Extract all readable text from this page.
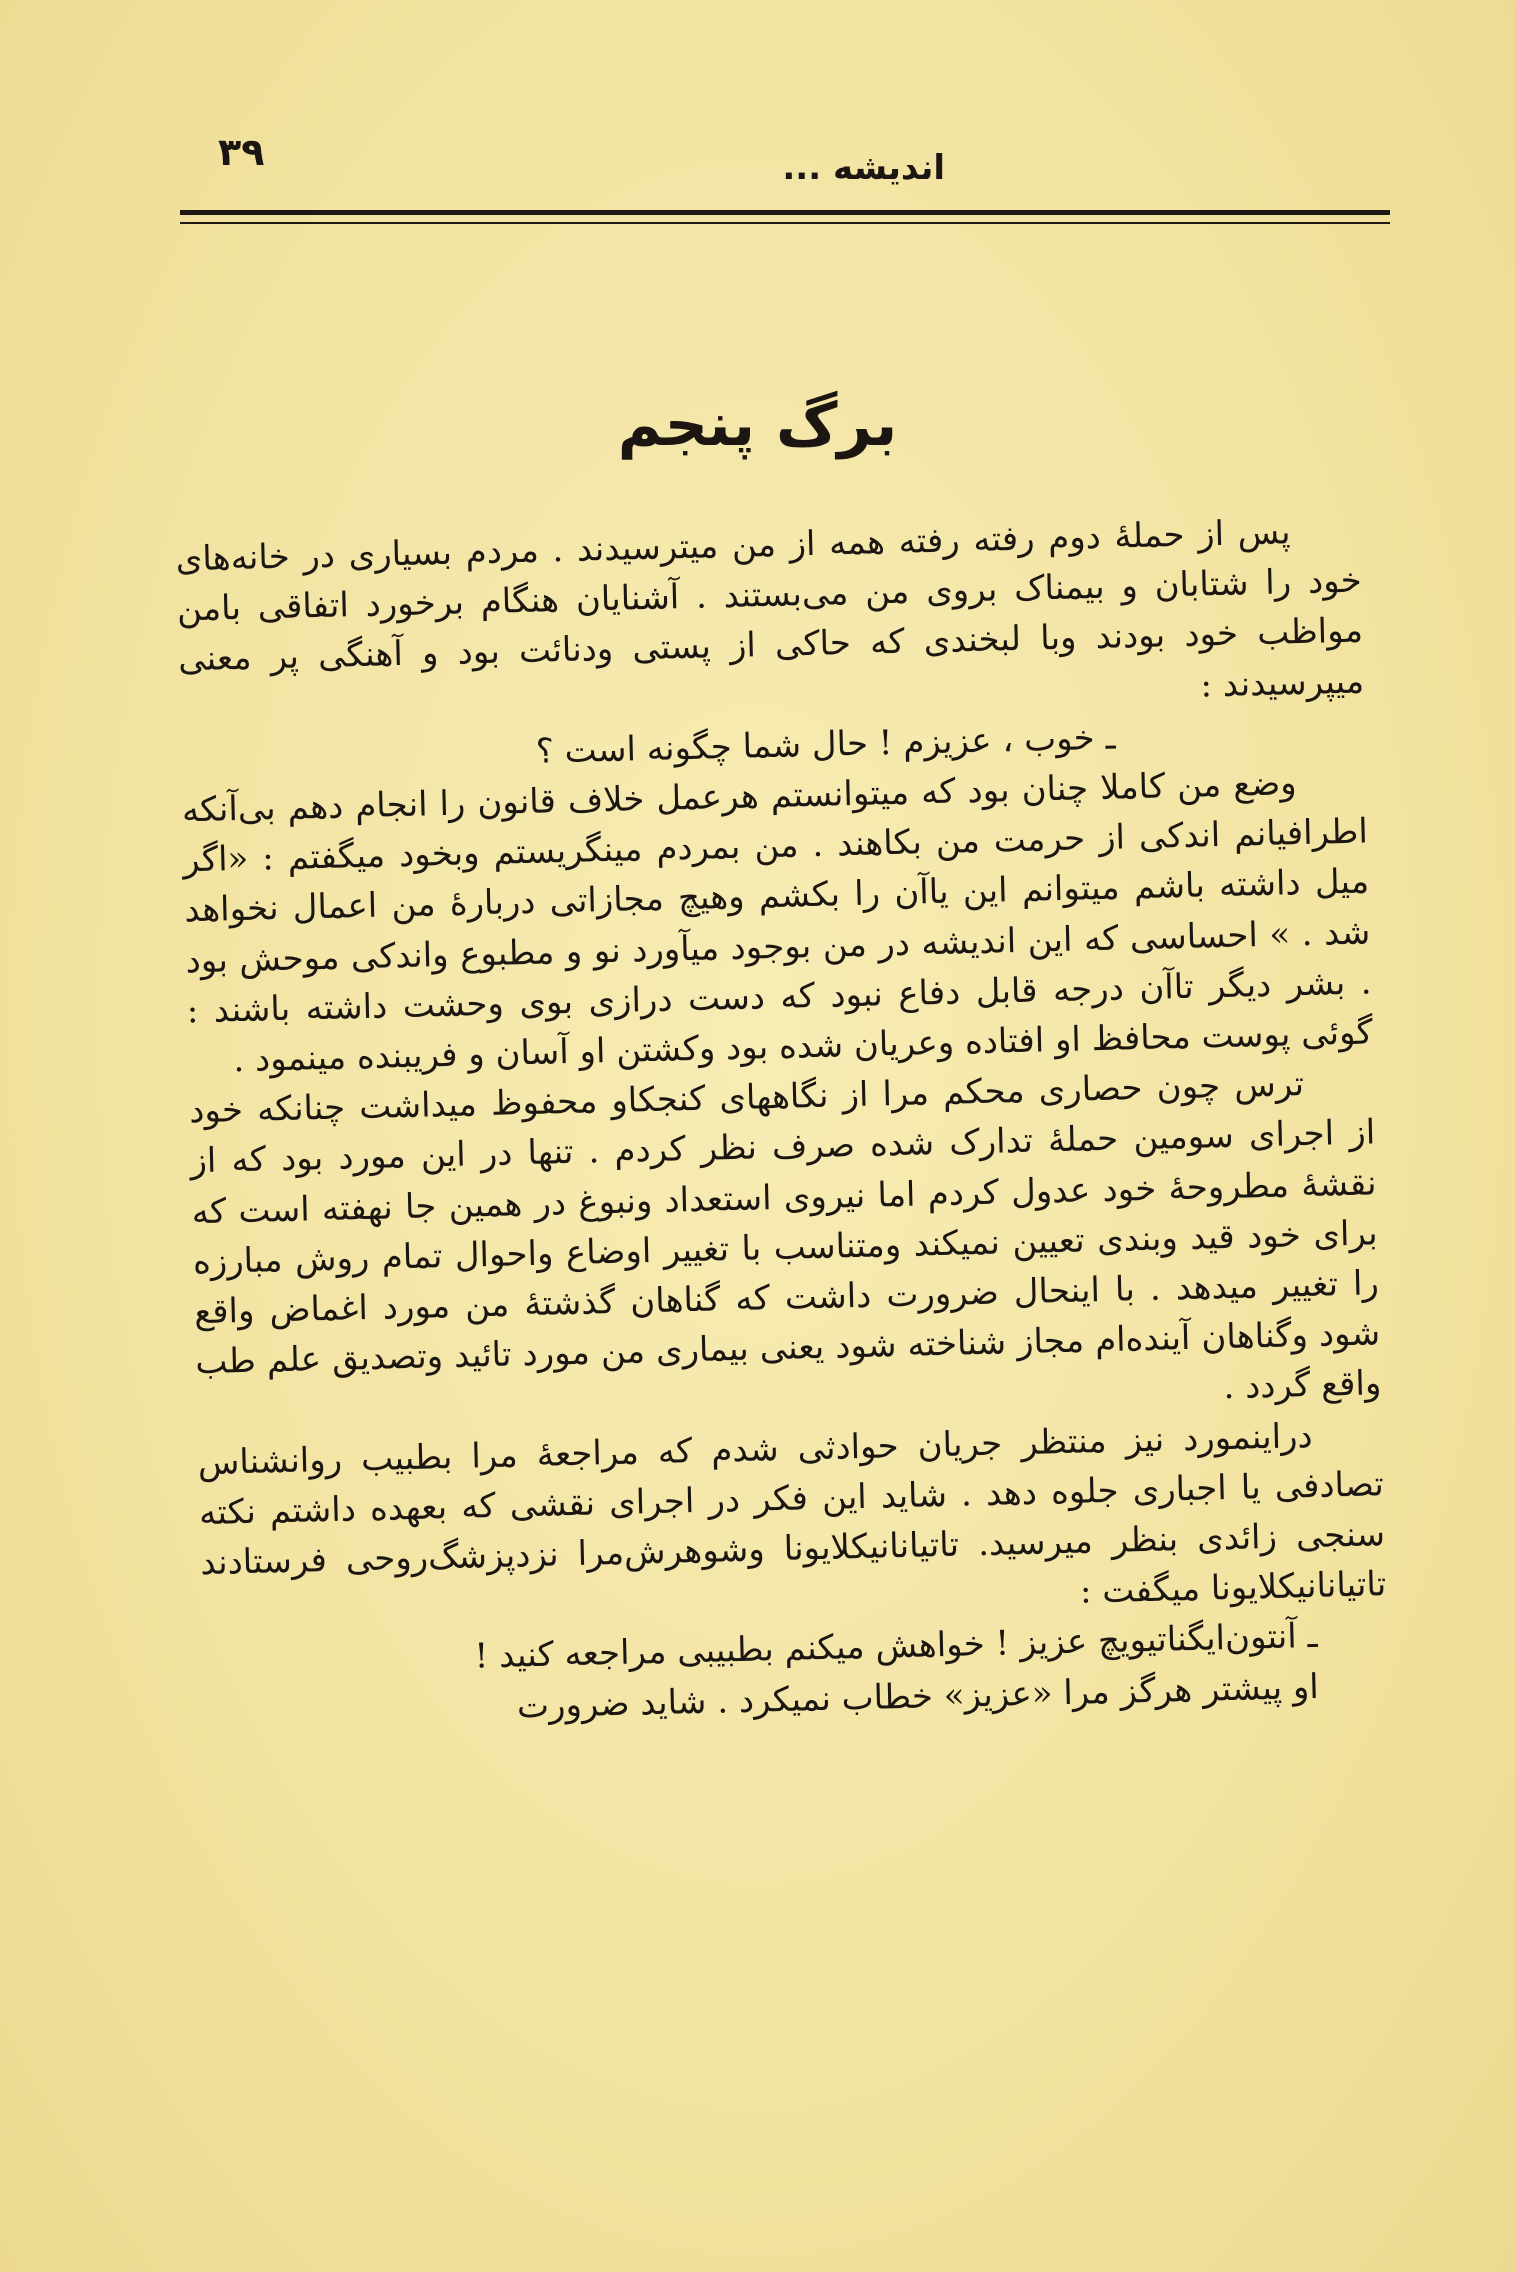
اندیشه ...
۳۹
برگ پنجم

پس از حملهٔ دوم رفته رفته همه از من میترسیدند . مردم بسیاری در خانه‌های خود را شتابان و بیمناک بروی من می‌بستند . آشنایان هنگام برخورد اتفاقی بامن مواظب خود بودند وبا لبخندی که حاکی از پستی ودنائت بود و آهنگی پر معنی میپرسیدند :

ـ خوب ، عزیزم ! حال شما چگونه است ؟

وضع من کاملا چنان بود که میتوانستم هرعمل خلاف قانون را انجام دهم بی‌آنکه اطرافیانم اندکی از حرمت من بکاهند . من بمردم مینگریستم وبخود میگفتم : «اگر میل داشته باشم میتوانم این یاآن را بکشم وهیچ مجازاتی دربارهٔ من اعمال نخواهد شد . » احساسی که این اندیشه در من بوجود میآورد نو و مطبوع واندکی موحش بود . بشر دیگر تاآن درجه قابل دفاع نبود که دست درازی بوی وحشت داشته باشند : گوئی پوست محافظ او افتاده وعریان شده بود وکشتن او آسان و فریبنده مینمود .

ترس چون حصاری محکم مرا از نگاههای کنجکاو محفوظ میداشت چنانکه خود از اجرای سومین حملهٔ تدارک شده صرف نظر کردم . تنها در این مورد بود که از نقشهٔ مطروحهٔ خود عدول کردم اما نیروی استعداد ونبوغ در همین جا نهفته است که برای خود قید وبندی تعیین نمیکند ومتناسب با تغییر اوضاع واحوال تمام روش مبارزه را تغییر میدهد . با اینحال ضرورت داشت که گناهان گذشتهٔ من مورد اغماض واقع شود وگناهان آینده‌ام مجاز شناخته شود یعنی بیماری من مورد تائید وتصدیق علم طب واقع گردد .

دراینمورد نیز منتظر جریان حوادثی شدم که مراجعهٔ مرا بطبیب روانشناس تصادفی یا اجباری جلوه دهد . شاید این فکر در اجرای نقشی که بعهده داشتم نکته سنجی زائدی بنظر میرسید. تاتیانانیکلایونا وشوهرش‌مرا نزدپزشگ‌روحی فرستادند تاتیانانیکلایونا میگفت :

ـ آنتون‌ایگناتیویچ عزیز ! خواهش میکنم بطبیبی مراجعه کنید !

او پیشتر هرگز مرا «عزیز» خطاب نمیکرد . شاید ضرورت
